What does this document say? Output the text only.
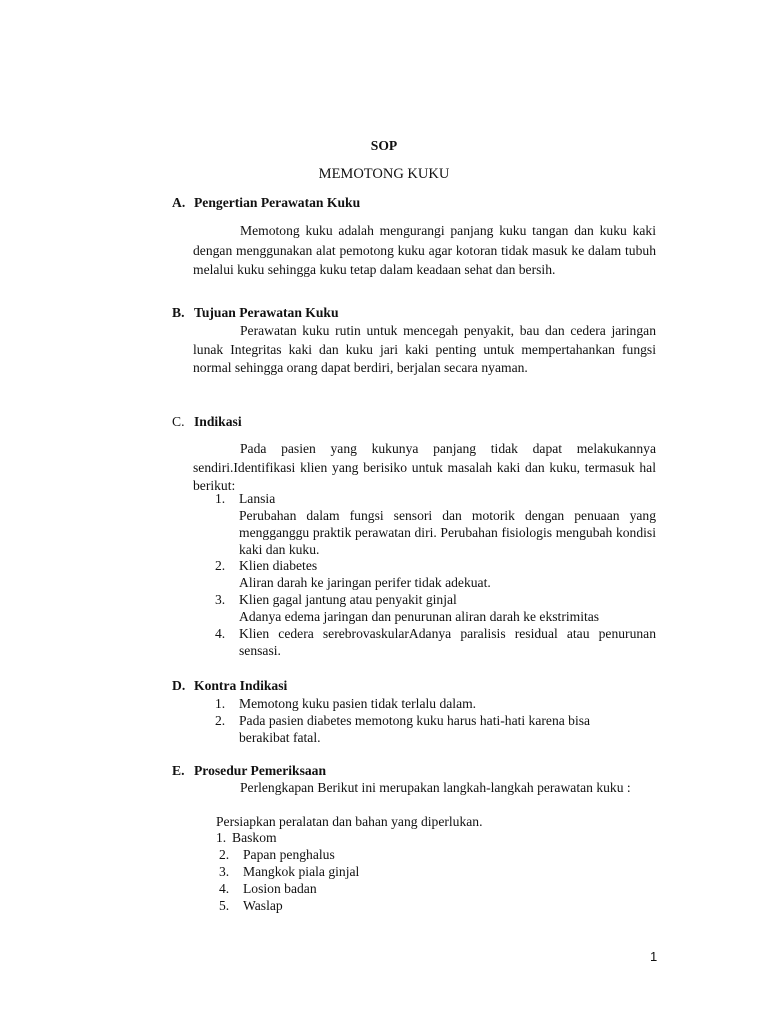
SOP
MEMOTONG KUKU
A. Pengertian Perawatan Kuku
Memotong kuku adalah mengurangi panjang kuku tangan dan kuku kaki dengan menggunakan alat pemotong kuku agar kotoran tidak masuk ke dalam tubuh melalui kuku sehingga kuku tetap dalam keadaan sehat dan bersih.
B. Tujuan Perawatan Kuku
Perawatan kuku rutin untuk mencegah penyakit, bau dan cedera jaringan lunak Integritas kaki dan kuku jari kaki penting untuk mempertahankan fungsi normal sehingga orang dapat berdiri, berjalan secara nyaman.
C. Indikasi
Pada pasien yang kukunya panjang tidak dapat melakukannya sendiri.Identifikasi klien yang berisiko untuk masalah kaki dan kuku, termasuk hal berikut:
1. Lansia
Perubahan dalam fungsi sensori dan motorik dengan penuaan yang mengganggu praktik perawatan diri. Perubahan fisiologis mengubah kondisi kaki dan kuku.
2. Klien diabetes
Aliran darah ke jaringan perifer tidak adekuat.
3. Klien gagal jantung atau penyakit ginjal
Adanya edema jaringan dan penurunan aliran darah ke ekstrimitas
4. Klien cedera serebrovaskularAdanya paralisis residual atau penurunan sensasi.
D. Kontra Indikasi
1. Memotong kuku pasien tidak terlalu dalam.
2. Pada pasien diabetes memotong kuku harus hati-hati karena bisa berakibat fatal.
E. Prosedur Pemeriksaan
Perlengkapan Berikut ini merupakan langkah-langkah perawatan kuku :
Persiapkan peralatan dan bahan yang diperlukan.
1. Baskom
2.	Papan penghalus
3.	Mangkok piala ginjal
4.	Losion badan
5.	Waslap
1
